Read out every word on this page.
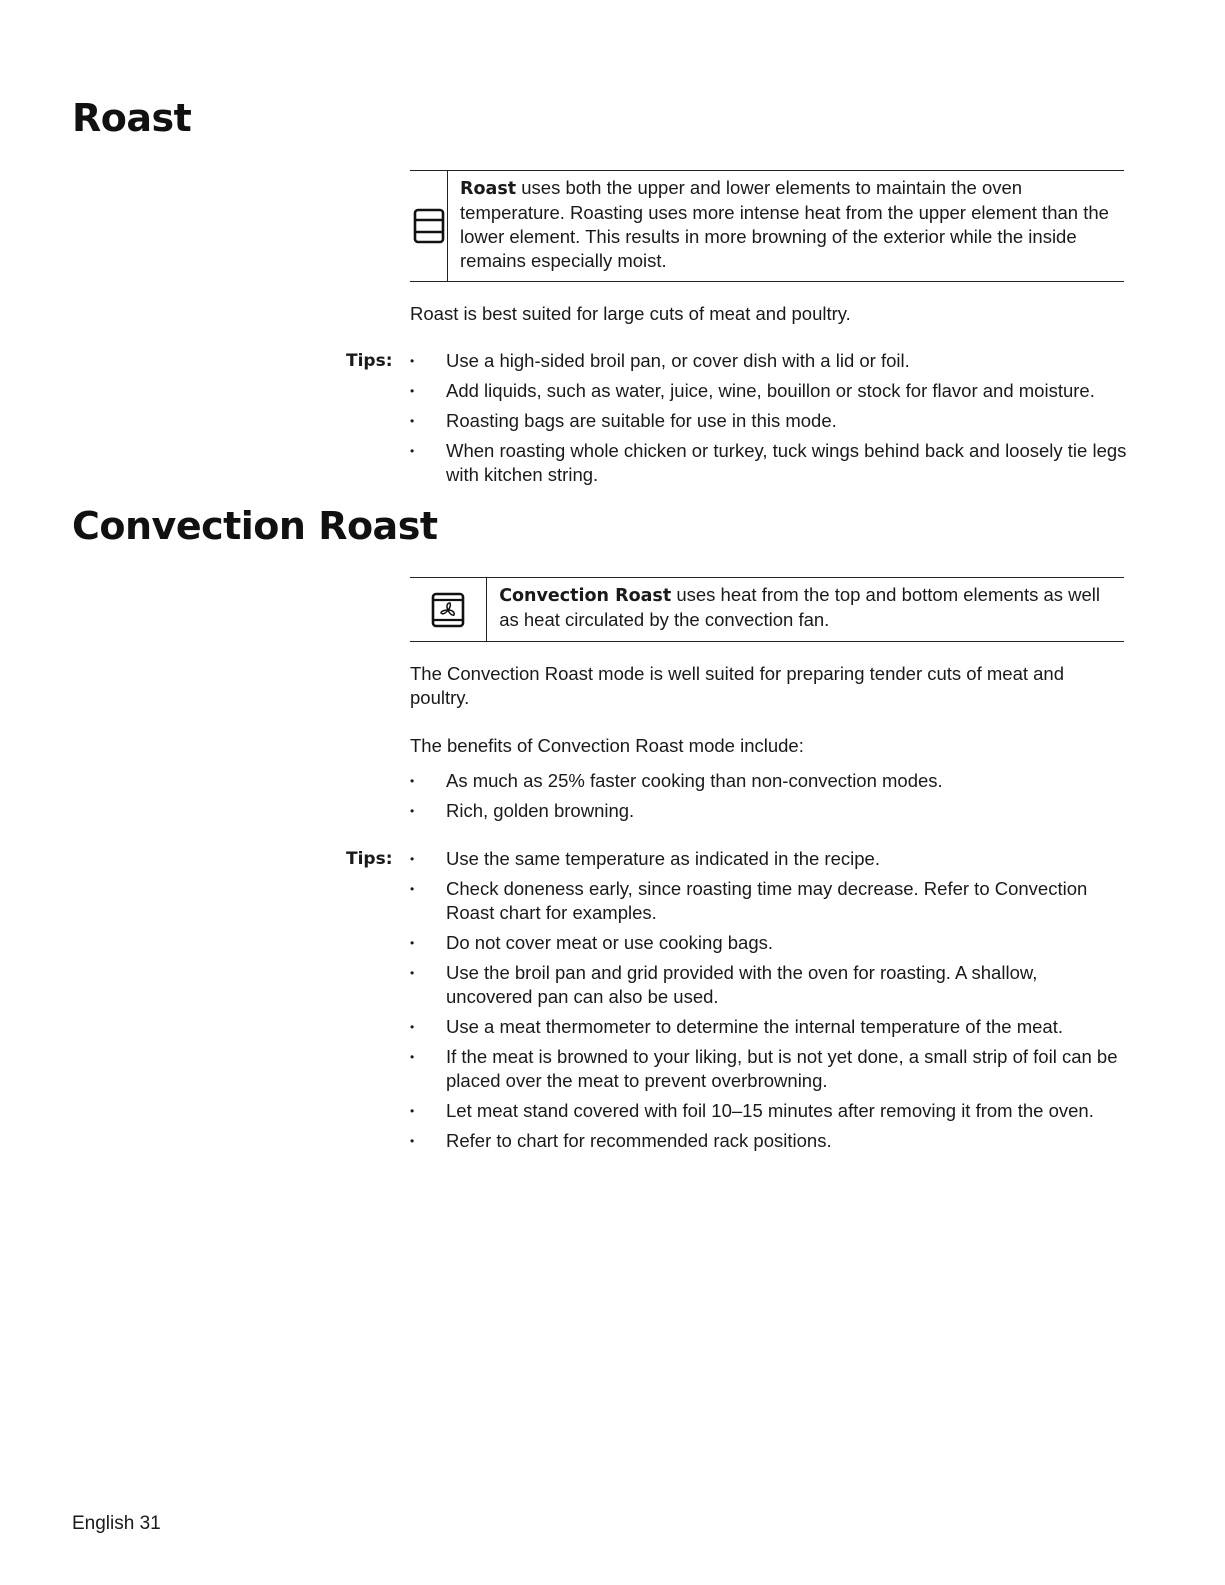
Roast
Roast uses both the upper and lower elements to maintain the oven temperature. Roasting uses more intense heat from the upper element than the lower element. This results in more browning of the exterior while the inside remains especially moist.

Roast is best suited for large cuts of meat and poultry.

Tips: • Use a high-sided broil pan, or cover dish with a lid or foil.
• Add liquids, such as water, juice, wine, bouillon or stock for flavor and moisture.
• Roasting bags are suitable for use in this mode.
• When roasting whole chicken or turkey, tuck wings behind back and loosely tie legs with kitchen string.
Convection Roast
Convection Roast uses heat from the top and bottom elements as well as heat circulated by the convection fan.

The Convection Roast mode is well suited for preparing tender cuts of meat and poultry.

The benefits of Convection Roast mode include:

• As much as 25% faster cooking than non-convection modes.
• Rich, golden browning.
Tips: • Use the same temperature as indicated in the recipe.
• Check doneness early, since roasting time may decrease. Refer to Convection Roast chart for examples.
• Do not cover meat or use cooking bags.
• Use the broil pan and grid provided with the oven for roasting. A shallow, uncovered pan can also be used.
• Use a meat thermometer to determine the internal temperature of the meat.
• If the meat is browned to your liking, but is not yet done, a small strip of foil can be placed over the meat to prevent overbrowning.
• Let meat stand covered with foil 10–15 minutes after removing it from the oven.
• Refer to chart for recommended rack positions.
English 31
